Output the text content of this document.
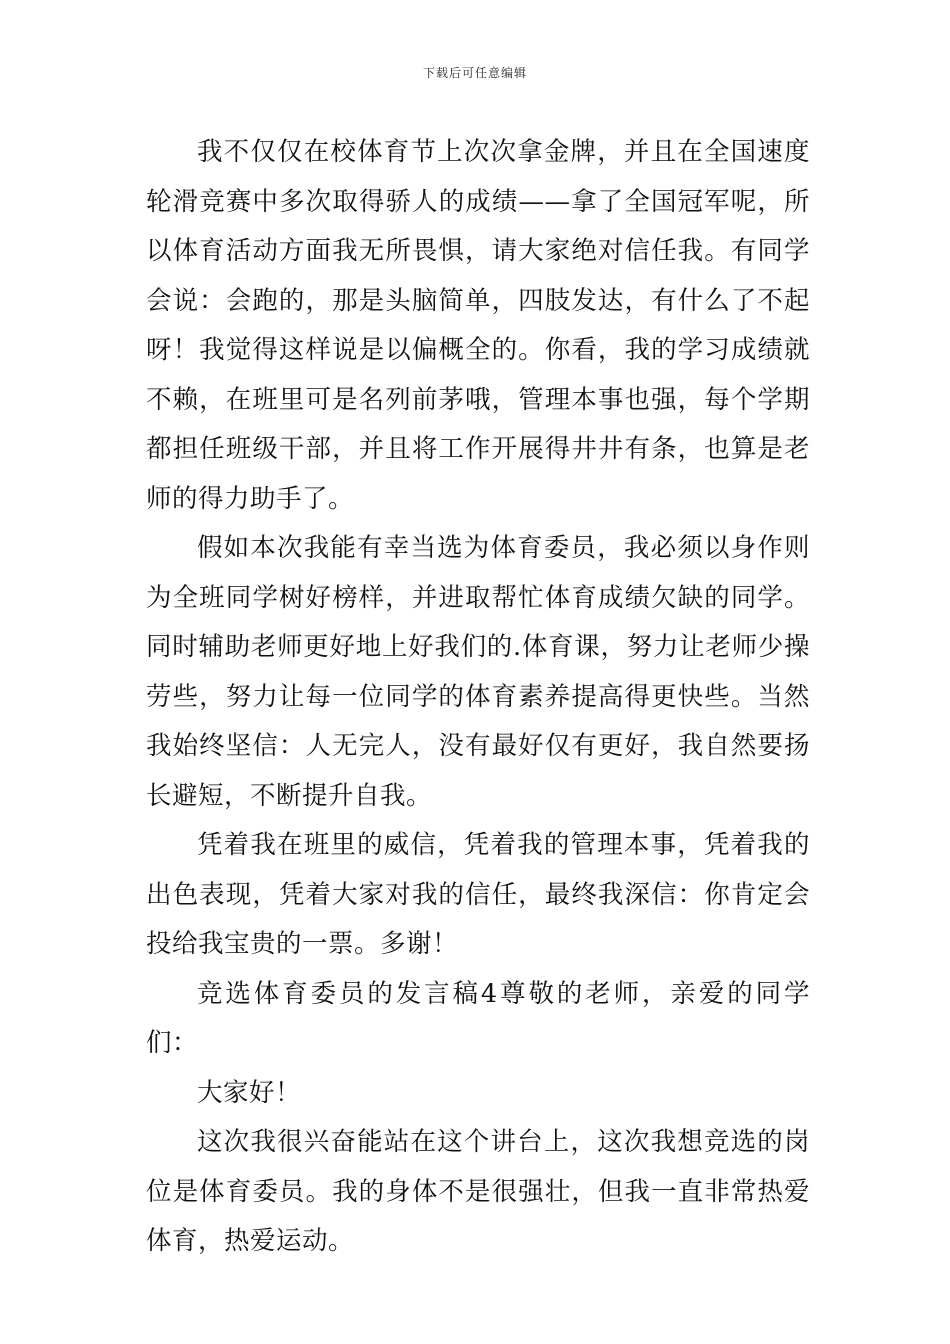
下载后可任意编辑

我不仅仅在校体育节上次次拿金牌，并且在全国速度轮滑竞赛中多次取得骄人的成绩——拿了全国冠军呢，所以体育活动方面我无所畏惧，请大家绝对信任我。有同学会说：会跑的，那是头脑简单，四肢发达，有什么了不起呀！我觉得这样说是以偏概全的。你看，我的学习成绩就不赖，在班里可是名列前茅哦，管理本事也强，每个学期都担任班级干部，并且将工作开展得井井有条，也算是老师的得力助手了。

假如本次我能有幸当选为体育委员，我必须以身作则为全班同学树好榜样，并进取帮忙体育成绩欠缺的同学。同时辅助老师更好地上好我们的.体育课，努力让老师少操劳些，努力让每一位同学的体育素养提高得更快些。当然我始终坚信：人无完人，没有最好仅有更好，我自然要扬长避短，不断提升自我。

凭着我在班里的威信，凭着我的管理本事，凭着我的出色表现，凭着大家对我的信任，最终我深信：你肯定会投给我宝贵的一票。多谢！

竞选体育委员的发言稿4尊敬的老师，亲爱的同学们：

大家好！

这次我很兴奋能站在这个讲台上，这次我想竞选的岗位是体育委员。我的身体不是很强壮，但我一直非常热爱体育，热爱运动。
